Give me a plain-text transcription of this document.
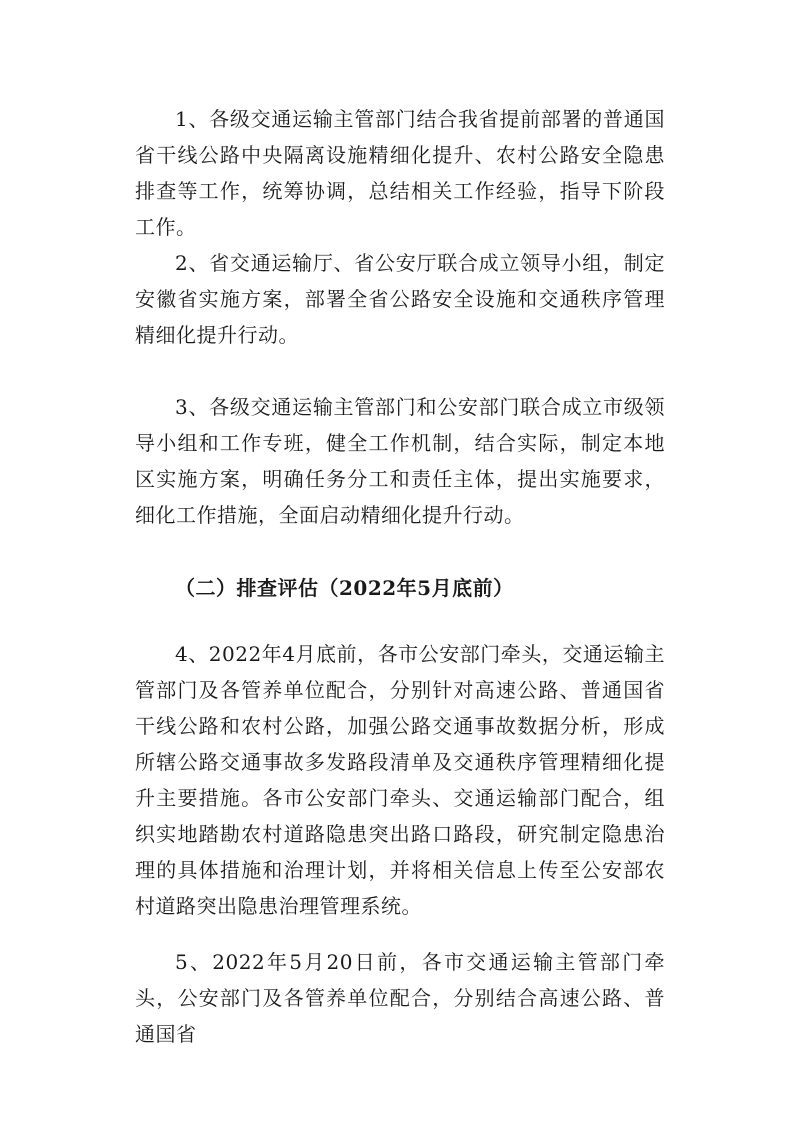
1、各级交通运输主管部门结合我省提前部署的普通国省干线公路中央隔离设施精细化提升、农村公路安全隐患排查等工作，统筹协调，总结相关工作经验，指导下阶段工作。

2、省交通运输厅、省公安厅联合成立领导小组，制定安徽省实施方案，部署全省公路安全设施和交通秩序管理精细化提升行动。

3、各级交通运输主管部门和公安部门联合成立市级领导小组和工作专班，健全工作机制，结合实际，制定本地区实施方案，明确任务分工和责任主体，提出实施要求，细化工作措施，全面启动精细化提升行动。

（二）排查评估（2022年5月底前）

4、2022年4月底前，各市公安部门牵头，交通运输主管部门及各管养单位配合，分别针对高速公路、普通国省干线公路和农村公路，加强公路交通事故数据分析，形成所辖公路交通事故多发路段清单及交通秩序管理精细化提升主要措施。各市公安部门牵头、交通运输部门配合，组织实地踏勘农村道路隐患突出路口路段，研究制定隐患治理的具体措施和治理计划，并将相关信息上传至公安部农村道路突出隐患治理管理系统。

5、2022年5月20日前，各市交通运输主管部门牵头，公安部门及各管养单位配合，分别结合高速公路、普通国省
